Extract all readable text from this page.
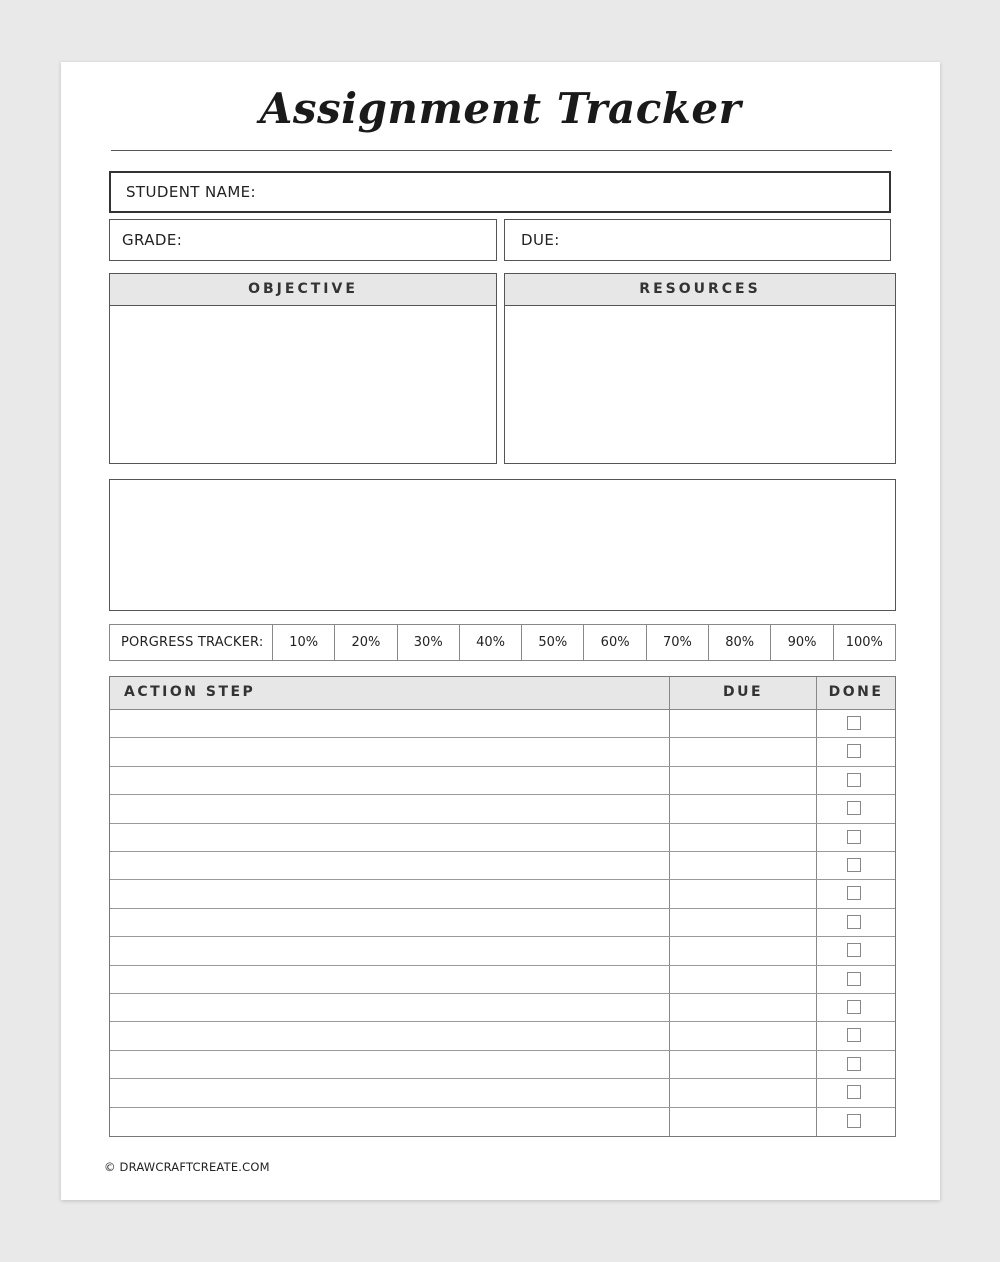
Assignment Tracker
STUDENT NAME:
GRADE:	DUE:
OBJECTIVE	RESOURCES
PORGRESS TRACKER:	10%	20%	30%	40%	50%	60%	70%	80%	90%	100%
ACTION STEP	DUE	DONE
© DRAWCRAFTCREATE.COM
